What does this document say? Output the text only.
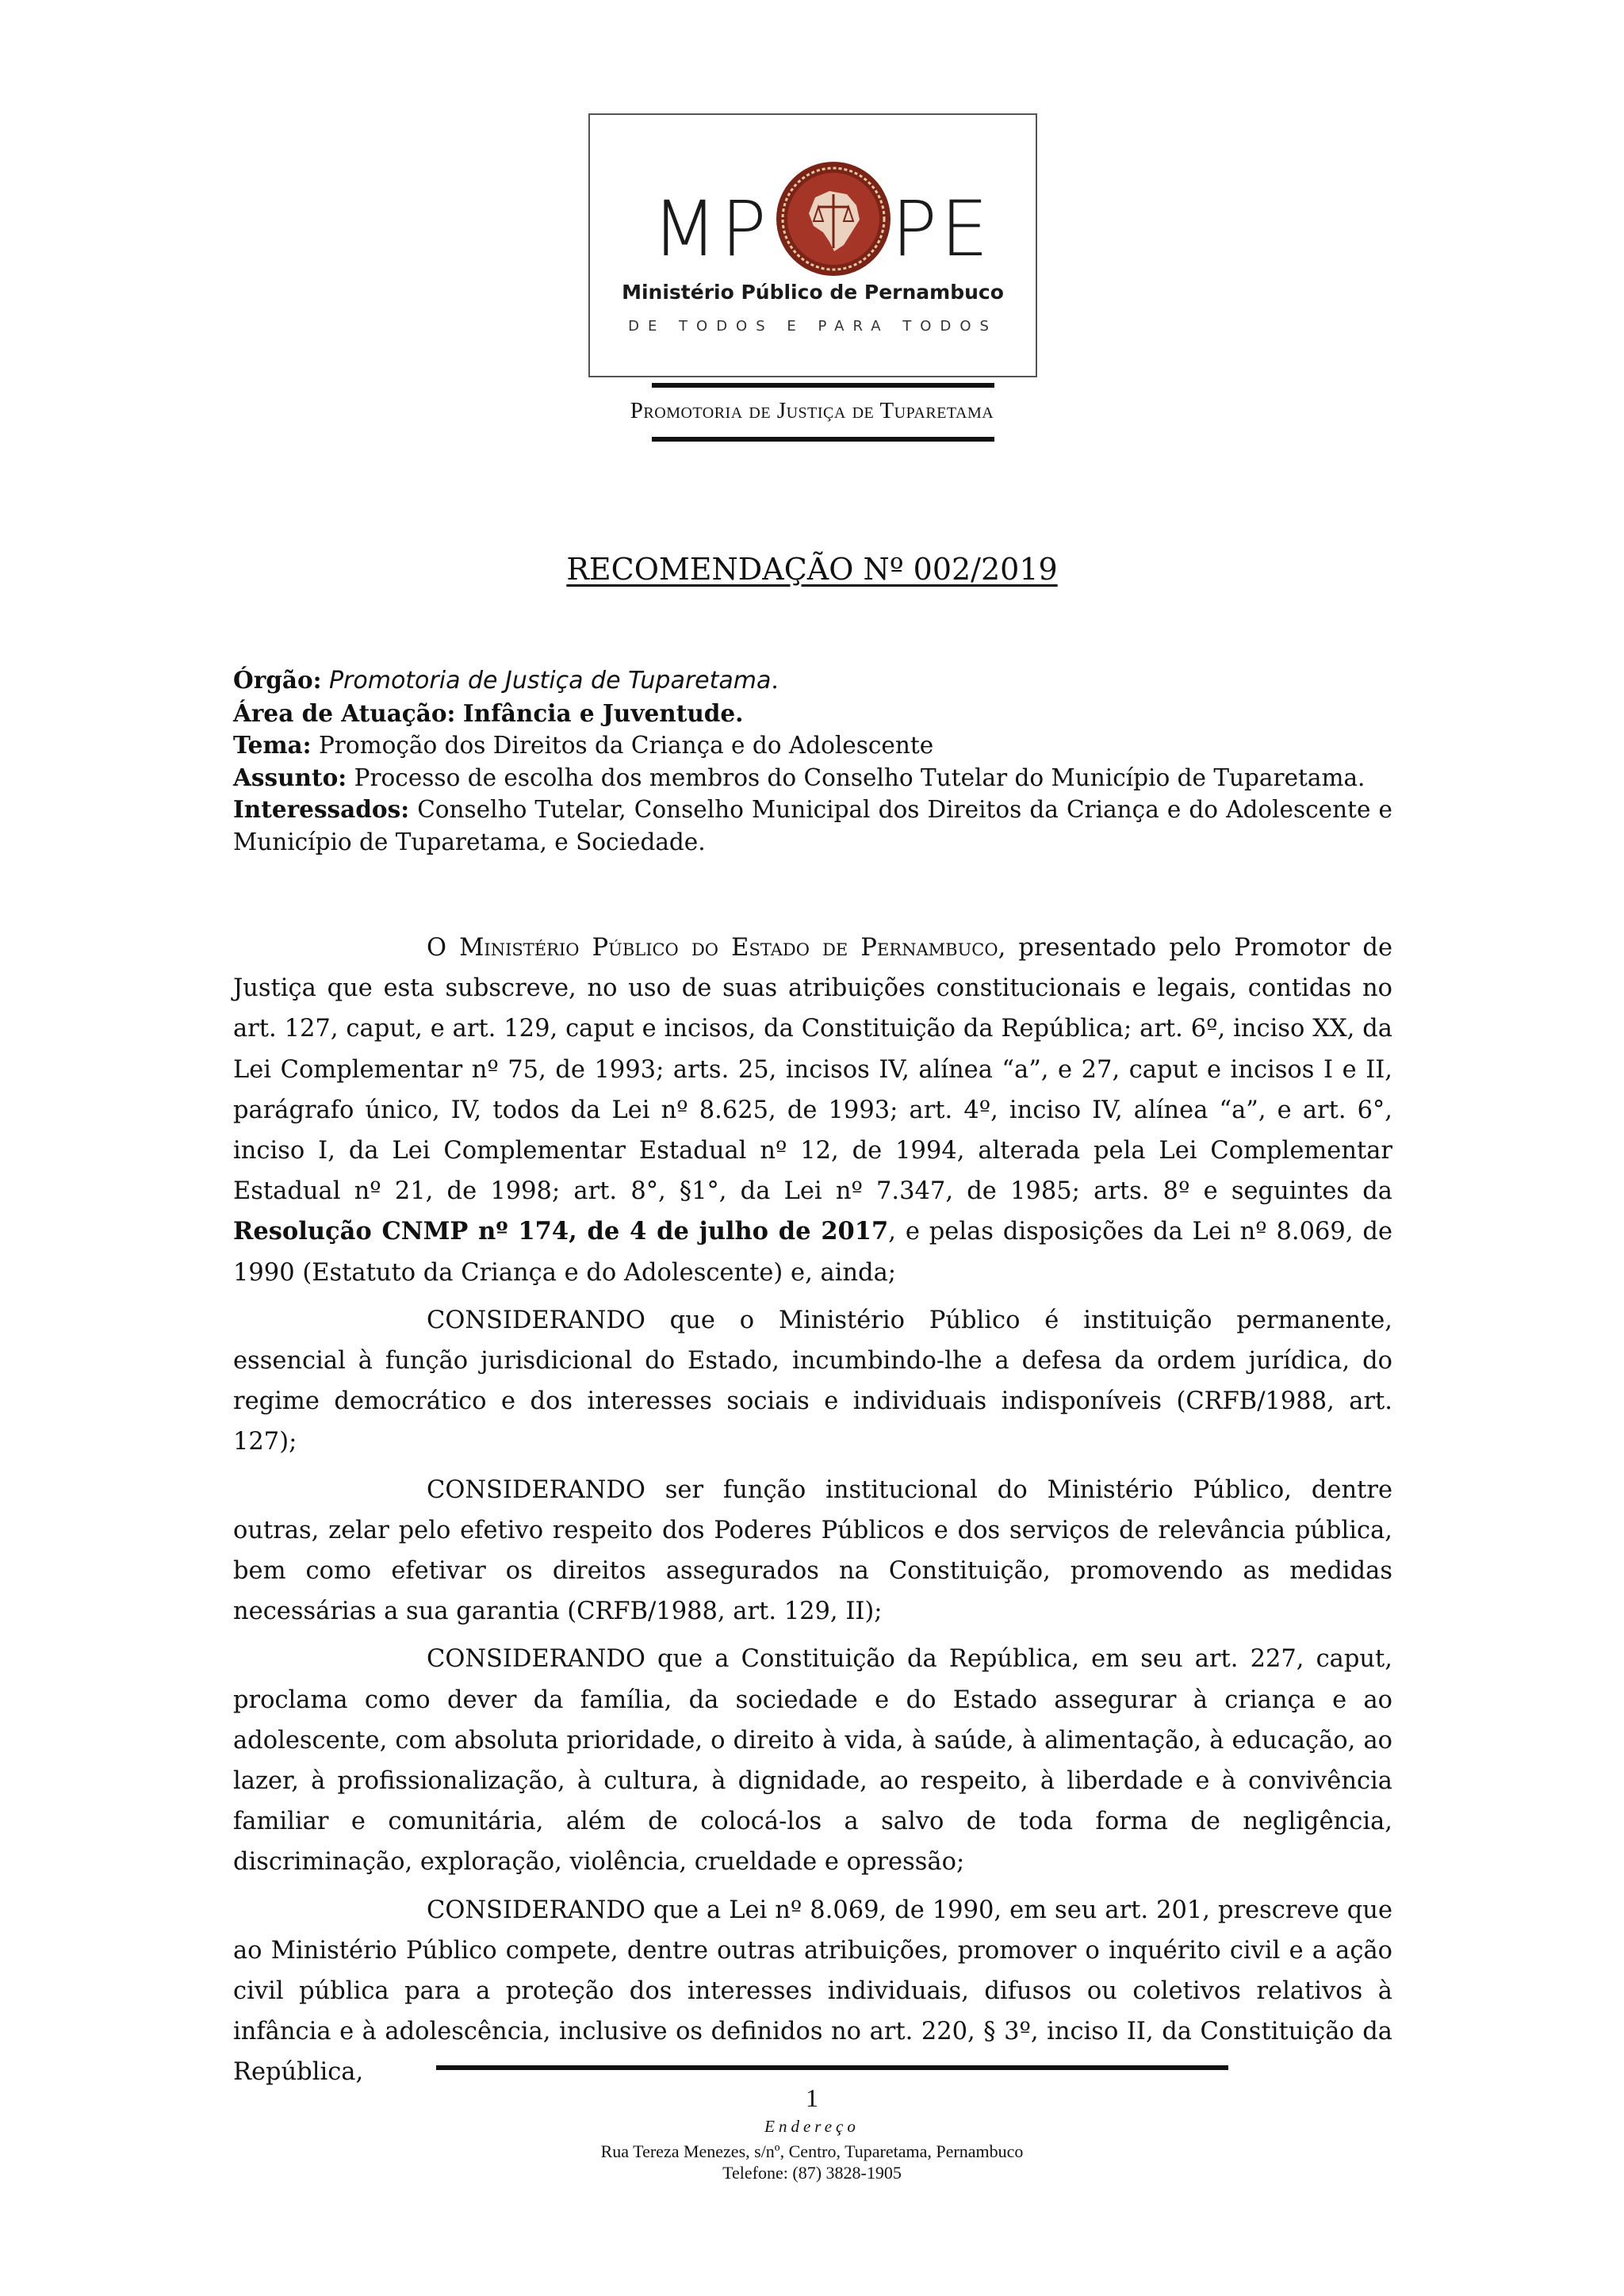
MP PE
Ministério Público de Pernambuco
DE TODOS E PARA TODOS
Promotoria de Justiça de Tuparetama
RECOMENDAÇÃO Nº 002/2019

Órgão: Promotoria de Justiça de Tuparetama.

Área de Atuação: Infância e Juventude.

Tema: Promoção dos Direitos da Criança e do Adolescente

Assunto: Processo de escolha dos membros do Conselho Tutelar do Município de Tuparetama.

Interessados: Conselho Tutelar, Conselho Municipal dos Direitos da Criança e do Adolescente e Município de Tuparetama, e Sociedade.

O Ministério Público do Estado de Pernambuco, presentado pelo Promotor de Justiça que esta subscreve, no uso de suas atribuições constitucionais e legais, contidas no art. 127, caput, e art. 129, caput e incisos, da Constituição da República; art. 6º, inciso XX, da Lei Complementar nº 75, de 1993; arts. 25, incisos IV, alínea “a”, e 27, caput e incisos I e II, parágrafo único, IV, todos da Lei nº 8.625, de 1993; art. 4º, inciso IV, alínea “a”, e art. 6°, inciso I, da Lei Complementar Estadual nº 12, de 1994, alterada pela Lei Complementar Estadual nº 21, de 1998; art. 8°, §1°, da Lei nº 7.347, de 1985; arts. 8º e seguintes da Resolução CNMP nº 174, de 4 de julho de 2017, e pelas disposições da Lei nº 8.069, de 1990 (Estatuto da Criança e do Adolescente) e, ainda;

CONSIDERANDO que o Ministério Público é instituição permanente, essencial à função jurisdicional do Estado, incumbindo-lhe a defesa da ordem jurídica, do regime democrático e dos interesses sociais e individuais indisponíveis (CRFB/1988, art. 127);

CONSIDERANDO ser função institucional do Ministério Público, dentre outras, zelar pelo efetivo respeito dos Poderes Públicos e dos serviços de relevância pública, bem como efetivar os direitos assegurados na Constituição, promovendo as medidas necessárias a sua garantia (CRFB/1988, art. 129, II);

CONSIDERANDO que a Constituição da República, em seu art. 227, caput, proclama como dever da família, da sociedade e do Estado assegurar à criança e ao adolescente, com absoluta prioridade, o direito à vida, à saúde, à alimentação, à educação, ao lazer, à profissionalização, à cultura, à dignidade, ao respeito, à liberdade e à convivência familiar e comunitária, além de colocá-los a salvo de toda forma de negligência, discriminação, exploração, violência, crueldade e opressão;

CONSIDERANDO que a Lei nº 8.069, de 1990, em seu art. 201, prescreve que ao Ministério Público compete, dentre outras atribuições, promover o inquérito civil e a ação civil pública para a proteção dos interesses individuais, difusos ou coletivos relativos à infância e à adolescência, inclusive os definidos no art. 220, § 3º, inciso II, da Constituição da República,

1
Endereço
Rua Tereza Menezes, s/nº, Centro, Tuparetama, Pernambuco
Telefone: (87) 3828-1905
